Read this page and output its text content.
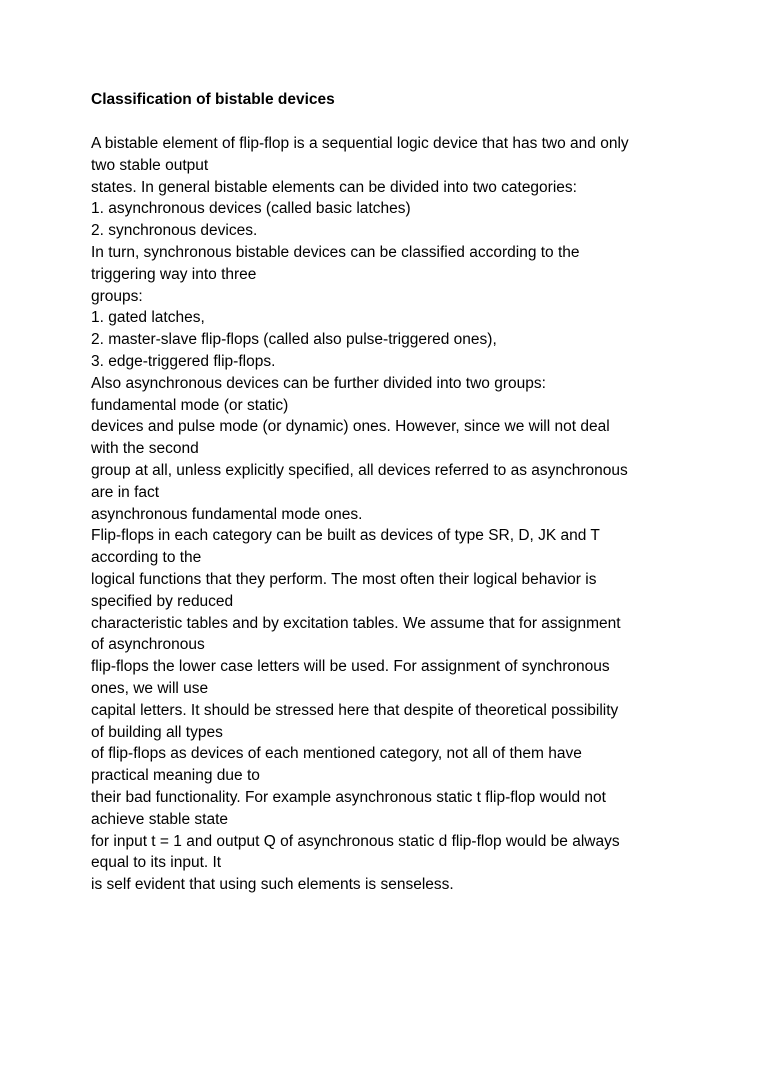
Classification of bistable devices
A bistable element of flip-flop is a sequential logic device that has two and only
two stable output
states. In general bistable elements can be divided into two categories:
1. asynchronous devices (called basic latches)
2. synchronous devices.
In turn, synchronous bistable devices can be classified according to the
triggering way into three
groups:
1. gated latches,
2. master-slave flip-flops (called also pulse-triggered ones),
3. edge-triggered flip-flops.
Also asynchronous devices can be further divided into two groups:
fundamental mode (or static)
devices and pulse mode (or dynamic) ones. However, since we will not deal
with the second
group at all, unless explicitly specified, all devices referred to as asynchronous
are in fact
asynchronous fundamental mode ones.
Flip-flops in each category can be built as devices of type SR, D, JK and T
according to the
logical functions that they perform. The most often their logical behavior is
specified by reduced
characteristic tables and by excitation tables. We assume that for assignment
of asynchronous
flip-flops the lower case letters will be used. For assignment of synchronous
ones, we will use
capital letters. It should be stressed here that despite of theoretical possibility
of building all types
of flip-flops as devices of each mentioned category, not all of them have
practical meaning due to
their bad functionality. For example asynchronous static t flip-flop would not
achieve stable state
for input t = 1 and output Q of asynchronous static d flip-flop would be always
equal to its input. It
is self evident that using such elements is senseless.
